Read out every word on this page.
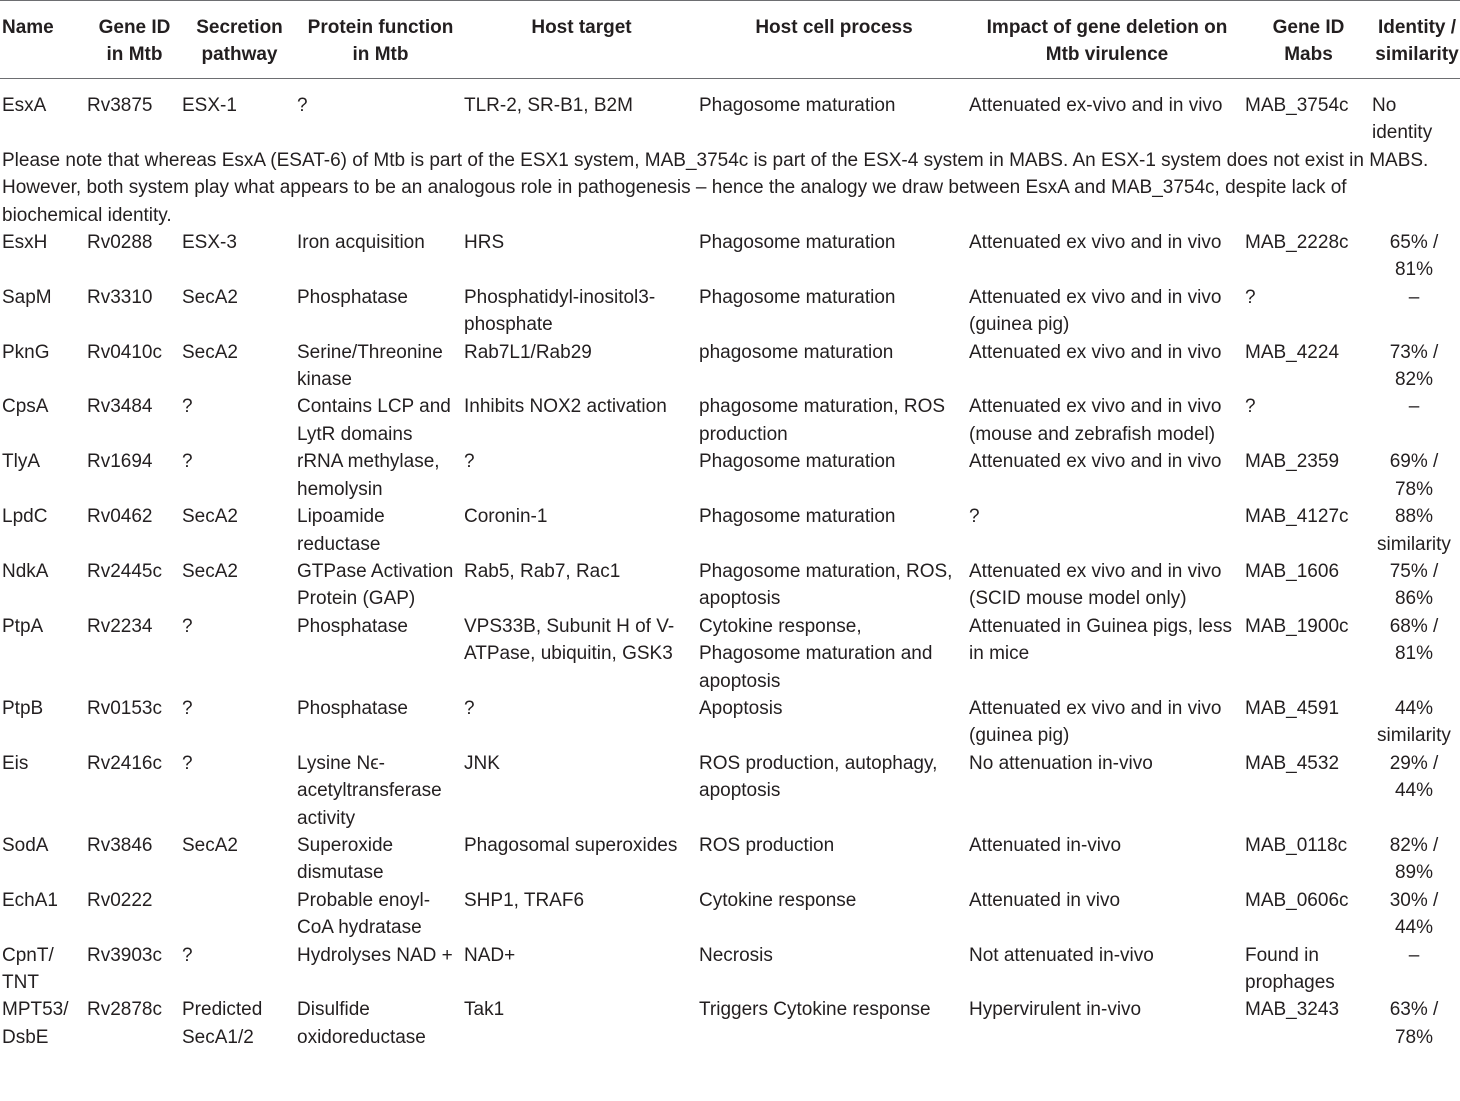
Name	Gene ID in Mtb	Secretion pathway	Protein function in Mtb	Host target	Host cell process	Impact of gene deletion on Mtb virulence	Gene ID Mabs	Identity / similarity
EsxA	Rv3875	ESX-1	?	TLR-2, SR-B1, B2M	Phagosome maturation	Attenuated ex-vivo and in vivo	MAB_3754c	No identity
Please note that whereas EsxA (ESAT-6) of Mtb is part of the ESX1 system, MAB_3754c is part of the ESX-4 system in MABS. An ESX-1 system does not exist in MABS. However, both system play what appears to be an analogous role in pathogenesis – hence the analogy we draw between EsxA and MAB_3754c, despite lack of biochemical identity.								
EsxH	Rv0288	ESX-3	Iron acquisition	HRS	Phagosome maturation	Attenuated ex vivo and in vivo	MAB_2228c	65% / 81%
SapM	Rv3310	SecA2	Phosphatase	Phosphatidyl-inositol3-phosphate	Phagosome maturation	Attenuated ex vivo and in vivo (guinea pig)	?	–
PknG	Rv0410c	SecA2	Serine/Threonine kinase	Rab7L1/Rab29	phagosome maturation	Attenuated ex vivo and in vivo	MAB_4224	73% / 82%
CpsA	Rv3484	?	Contains LCP and LytR domains	Inhibits NOX2 activation	phagosome maturation, ROS production	Attenuated ex vivo and in vivo (mouse and zebrafish model)	?	–
TlyA	Rv1694	?	rRNA methylase, hemolysin	?	Phagosome maturation	Attenuated ex vivo and in vivo	MAB_2359	69% / 78%
LpdC	Rv0462	SecA2	Lipoamide reductase	Coronin-1	Phagosome maturation	?	MAB_4127c	88% similarity
NdkA	Rv2445c	SecA2	GTPase Activation Protein (GAP)	Rab5, Rab7, Rac1	Phagosome maturation, ROS, apoptosis	Attenuated ex vivo and in vivo (SCID mouse model only)	MAB_1606	75% / 86%
PtpA	Rv2234	?	Phosphatase	VPS33B, Subunit H of V-ATPase, ubiquitin, GSK3	Cytokine response, Phagosome maturation and apoptosis	Attenuated in Guinea pigs, less in mice	MAB_1900c	68% / 81%
PtpB	Rv0153c	?	Phosphatase	?	Apoptosis	Attenuated ex vivo and in vivo (guinea pig)	MAB_4591	44% similarity
Eis	Rv2416c	?	Lysine Nϵ-acetyltransferase activity	JNK	ROS production, autophagy, apoptosis	No attenuation in-vivo	MAB_4532	29% / 44%
SodA	Rv3846	SecA2	Superoxide dismutase	Phagosomal superoxides	ROS production	Attenuated in-vivo	MAB_0118c	82% / 89%
EchA1	Rv0222		Probable enoyl-CoA hydratase	SHP1, TRAF6	Cytokine response	Attenuated in vivo	MAB_0606c	30% / 44%
CpnT/ TNT	Rv3903c	?	Hydrolyses NAD +	NAD+	Necrosis	Not attenuated in-vivo	Found in prophages	–
MPT53/ DsbE	Rv2878c	Predicted SecA1/2	Disulfide oxidoreductase	Tak1	Triggers Cytokine response	Hypervirulent in-vivo	MAB_3243	63% / 78%
